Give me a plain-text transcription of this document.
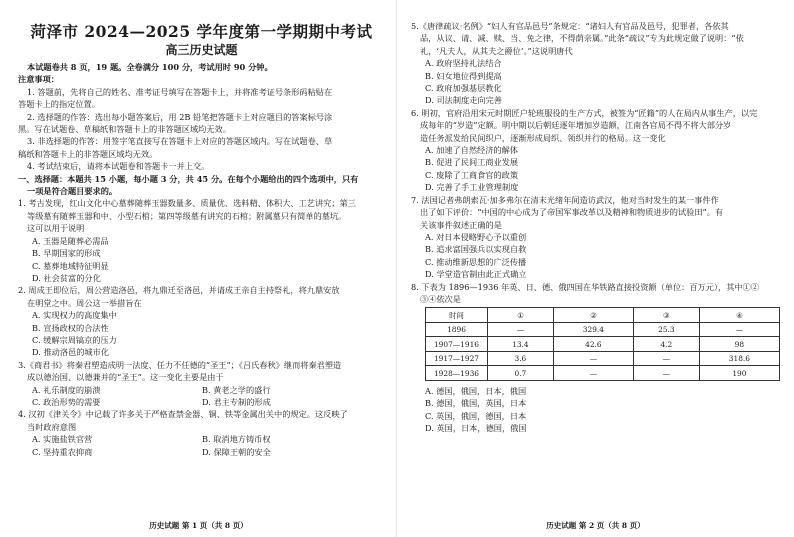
菏泽市 2024—2025 学年度第一学期期中考试
高三历史试题
本试题卷共 8 页，19 题。全卷满分 100 分，考试用时 90 分钟。
注意事项：
1. 答题前，先将自己的姓名、准考证号填写在答题卡上，并将准考证号条形码粘贴在
答题卡上的指定位置。
2. 选择题的作答：选出每小题答案后，用 2B 铅笔把答题卡上对应题目的答案标号涂
黑。写在试题卷、草稿纸和答题卡上的非答题区域均无效。
3. 非选择题的作答：用签字笔直接写在答题卡上对应的答题区域内。写在试题卷、草
稿纸和答题卡上的非答题区域均无效。
4. 考试结束后，请将本试题卷和答题卡一并上交。
一、选择题：本题共 15 小题，每小题 3 分，共 45 分。在每个小题给出的四个选项中，只有
一项是符合题目要求的。
1. 考古发现，红山文化中心墓葬随葬玉器数量多、质量优、选料精、体积大、工艺讲究；第三
等级墓有随葬玉器和中、小型石棺；第四等级墓有讲究的石棺；附属墓只有简单的墓坑。
这可以用于说明
A. 玉器是随葬必需品
B. 早期国家的形成
C. 墓葬地域特征明显
D. 社会贫富的分化
2. 周成王即位后，周公营造洛邑，将九鼎迁至洛邑，并请成王亲自主持祭礼，将九鼎安放
在明堂之中。周公这一举措旨在
A. 实现权力的高度集中
B. 宣扬政权的合法性
C. 缓解宗周镐京的压力
D. 推动洛邑的城市化
3.《商君书》将秦君塑造成明一法度、任力不任德的“圣王”；《吕氏春秋》继而将秦君塑造
成以德治国、以德兼并的“圣王”。这一变化主要是由于
A. 礼乐制度的崩溃	B. 黄老之学的盛行
C. 政治形势的需要	D. 君主专制的形成
4. 汉初《津关令》中记载了许多关于严格查禁金器、铜、铁等金属出关中的规定。这反映了
当时政府意图
A. 实施盐铁官营	B. 取消地方铸币权
C. 坚持重农抑商	D. 保障王朝的安全
历史试题 第 1 页（共 8 页）
5.《唐律疏议·名例》“妇人有官品邑号”条规定：“诸妇人有官品及邑号，犯罪者，各依其
品，从议、请、减、赎、当、免之律，不得荫亲属。”此条“疏议”专为此规定做了说明：“依
礼，‘凡夫人，从其夫之爵位’。”这说明唐代
A. 政府坚持礼法结合
B. 妇女地位得到提高
C. 政府加强基层教化
D. 司法制度走向完善
6. 明初，官府沿用宋元时期匠户轮班服役的生产方式，被签为“匠籍”的人在局内从事生产，以完
成每年的“岁造”定额。明中期以后朝廷逐年增加岁造额，江南各官局不得不将大部分岁
造任务派发给民间织户，逐渐形成局织、领织并行的格局。这一变化
A. 加速了自然经济的解体
B. 促进了民间工商业发展
C. 废除了工商食官的政策
D. 完善了手工业管理制度
7. 法国记者弗朗索瓦·加多弗尔在清末光绪年间造访武汉，他对当时发生的某一事件作
出了如下评价：“中国的中心成为了帝国军事改革以及精神和物质进步的试验田”。有
关该事件叙述正确的是
A. 对日本侵略野心予以重创
B. 追求富国强兵以实现自救
C. 推动维新思想的广泛传播
D. 学堂造官制由此正式确立
8. 下表为 1896—1936 年英、日、德、俄四国在华铁路直接投资额（单位：百万元），其中①②
③④依次是
时间	①	②	③	④
1896	—	329.4	25.3	—
1907—1916	13.4	42.6	4.2	98
1917—1927	3.6	—	—	318.6
1928—1936	0.7	—	—	190
A. 德国，俄国，日本，俄国
B. 德国，俄国，英国，日本
C. 英国，俄国，德国，日本
D. 英国，日本，德国，俄国
历史试题 第 2 页（共 8 页）
